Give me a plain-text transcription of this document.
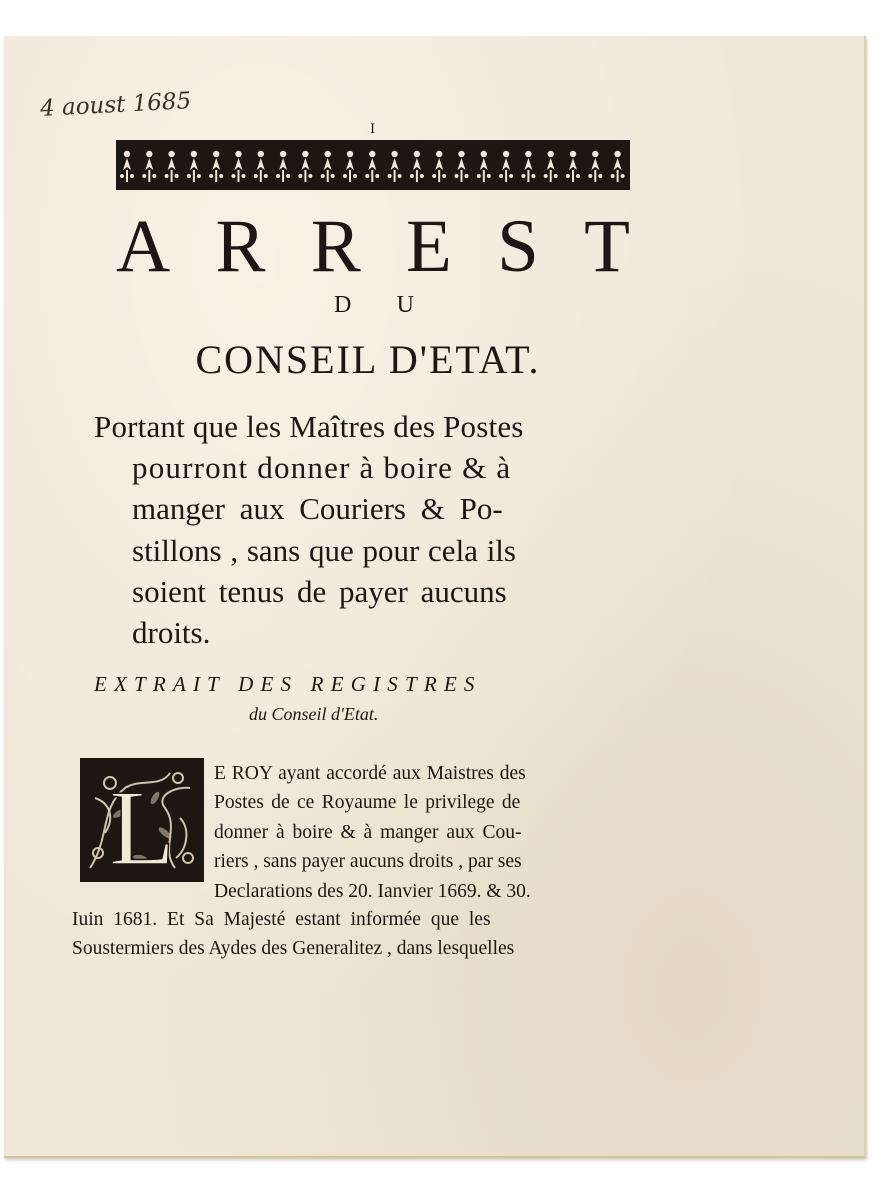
4 aoust 1685
I
A R R E S T
D U
CONSEIL D'ETAT.
Portant que les Maîtres des Postes
pourront donner à boire & à
manger aux Couriers & Po-
stillons , sans que pour cela ils
soient tenus de payer aucuns
droits.
EXTRAIT DES REGISTRES
du Conseil d'Etat.
L E ROY ayant accordé aux Maistres des
Postes de ce Royaume le privilege de
donner à boire & à manger aux Cou-
riers , sans payer aucuns droits , par ses
Declarations des 20. Ianvier 1669. & 30.
Iuin 1681. Et Sa Majesté estant informée que les
Soustermiers des Aydes des Generalitez , dans lesquelles
